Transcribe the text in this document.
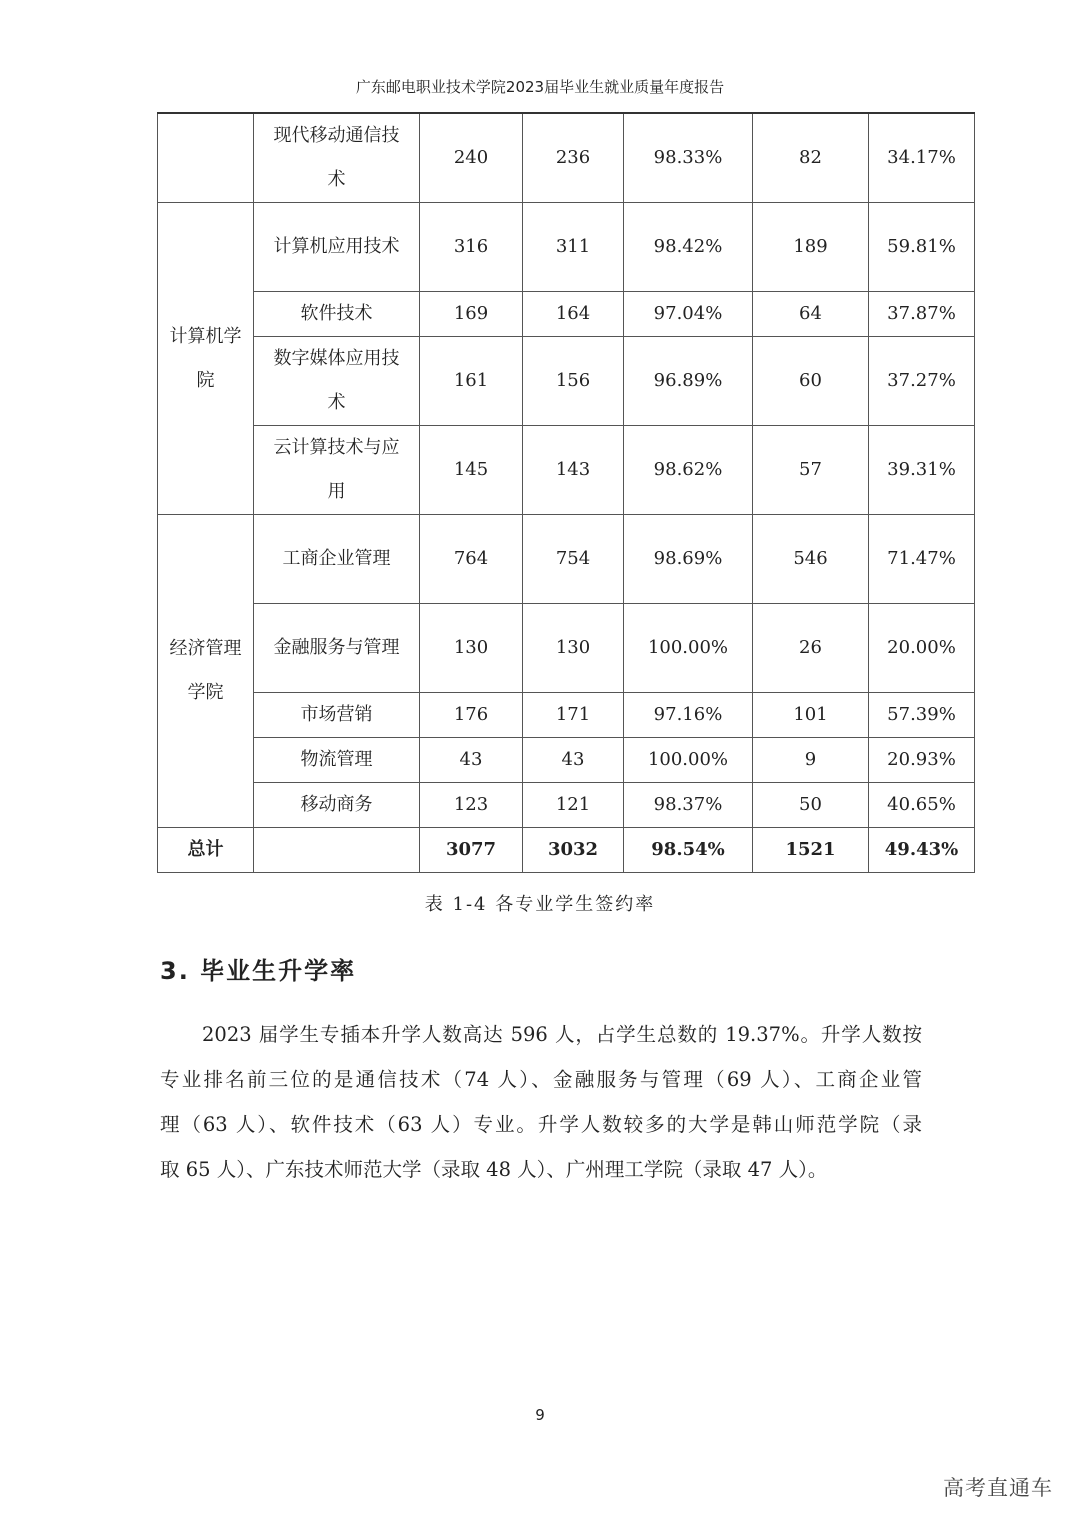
广东邮电职业技术学院2023届毕业生就业质量年度报告
	现代移动通信技术	240	236	98.33%	82	34.17%
计算机学院	计算机应用技术	316	311	98.42%	189	59.81%
	软件技术	169	164	97.04%	64	37.87%
	数字媒体应用技术	161	156	96.89%	60	37.27%
	云计算技术与应用	145	143	98.62%	57	39.31%
经济管理学院	工商企业管理	764	754	98.69%	546	71.47%
	金融服务与管理	130	130	100.00%	26	20.00%
	市场营销	176	171	97.16%	101	57.39%
	物流管理	43	43	100.00%	9	20.93%
	移动商务	123	121	98.37%	50	40.65%
总计		3077	3032	98.54%	1521	49.43%
表 1-4 各专业学生签约率
3. 毕业生升学率
2023 届学生专插本升学人数高达 596 人，占学生总数的 19.37%。升学人数按
专业排名前三位的是通信技术（74 人）、金融服务与管理（69 人）、工商企业管
理（63 人）、软件技术（63 人）专业。升学人数较多的大学是韩山师范学院（录
取 65 人）、广东技术师范大学（录取 48 人）、广州理工学院（录取 47 人）。
9
高考直通车
